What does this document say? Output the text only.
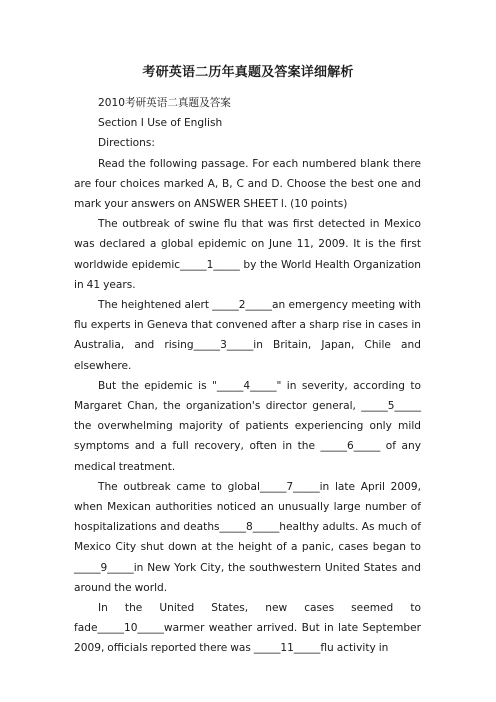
考研英语二历年真题及答案详细解析

2010考研英语二真题及答案

Section I Use of English

Directions:

Read the following passage. For each numbered blank there are four choices marked A, B, C and D. Choose the best one and mark your answers on ANSWER SHEET l. (10 points)

The outbreak of swine flu that was first detected in Mexico was declared a global epidemic on June 11, 2009. It is the first worldwide epidemic_____1_____ by the World Health Organization in 41 years.

The heightened alert _____2_____an emergency meeting with flu experts in Geneva that convened after a sharp rise in cases in Australia, and rising_____3_____in Britain, Japan, Chile and elsewhere.

But the epidemic is "_____4_____" in severity, according to Margaret Chan, the organization's director general, _____5_____ the overwhelming majority of patients experiencing only mild symptoms and a full recovery, often in the _____6_____ of any medical treatment.

The outbreak came to global_____7_____in late April 2009, when Mexican authorities noticed an unusually large number of hospitalizations and deaths_____8_____healthy adults. As much of Mexico City shut down at the height of a panic, cases began to _____9_____in New York City, the southwestern United States and around the world.

In the United States, new cases seemed to fade_____10_____warmer weather arrived. But in late September 2009, officials reported there was _____11_____flu activity in
